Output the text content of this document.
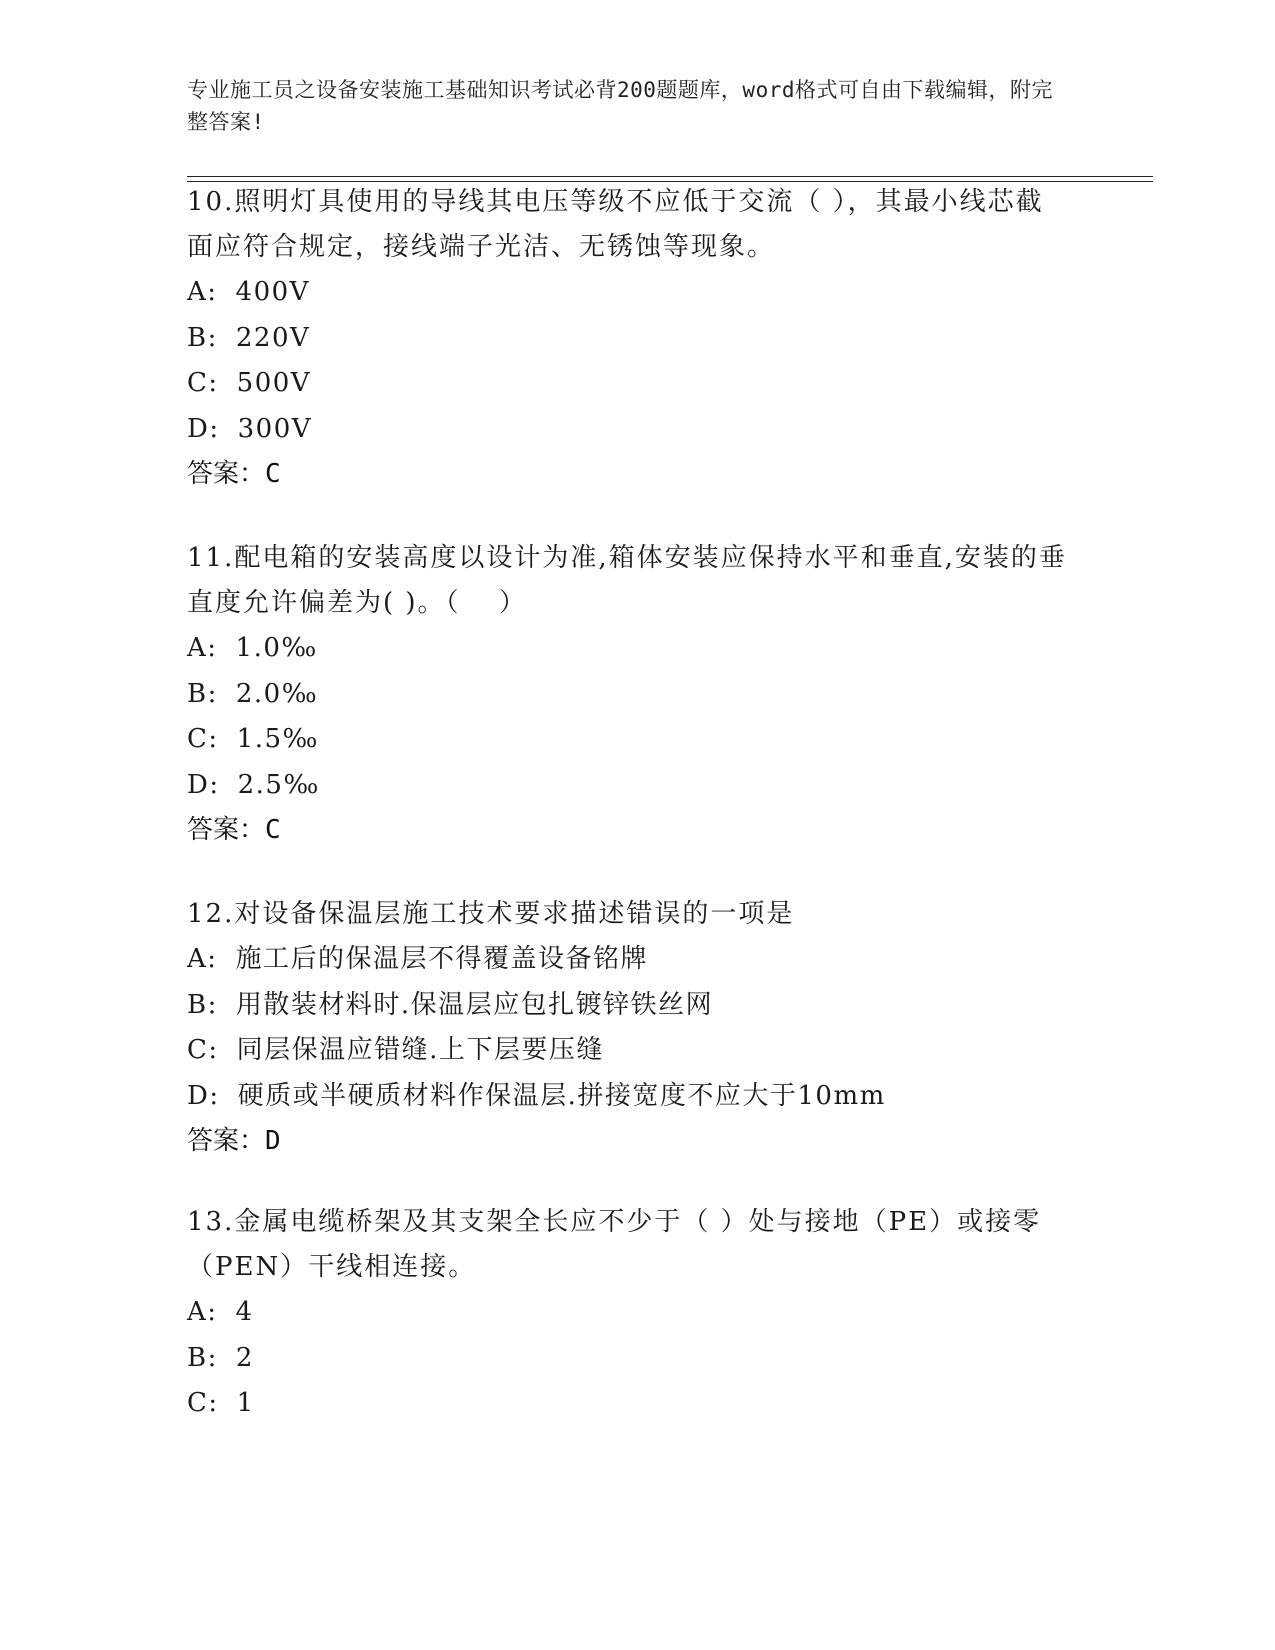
专业施工员之设备安装施工基础知识考试必背200题题库，word格式可自由下载编辑，附完整答案!

10.照明灯具使用的导线其电压等级不应低于交流（ ），其最小线芯截面应符合规定，接线端子光洁、无锈蚀等现象。

A: 400V
B: 220V
C: 500V
D: 300V

答案：C

11.配电箱的安装高度以设计为准,箱体安装应保持水平和垂直,安装的垂直度允许偏差为( )。（　 ）

A: 1.0‰
B: 2.0‰
C: 1.5‰
D: 2.5‰

答案：C

12.对设备保温层施工技术要求描述错误的一项是

A: 施工后的保温层不得覆盖设备铭牌
B: 用散装材料时.保温层应包扎镀锌铁丝网
C: 同层保温应错缝.上下层要压缝
D: 硬质或半硬质材料作保温层.拼接宽度不应大于10mm

答案：D

13.金属电缆桥架及其支架全长应不少于（ ）处与接地（PE）或接零（PEN）干线相连接。

A: 4
B: 2
C: 1
